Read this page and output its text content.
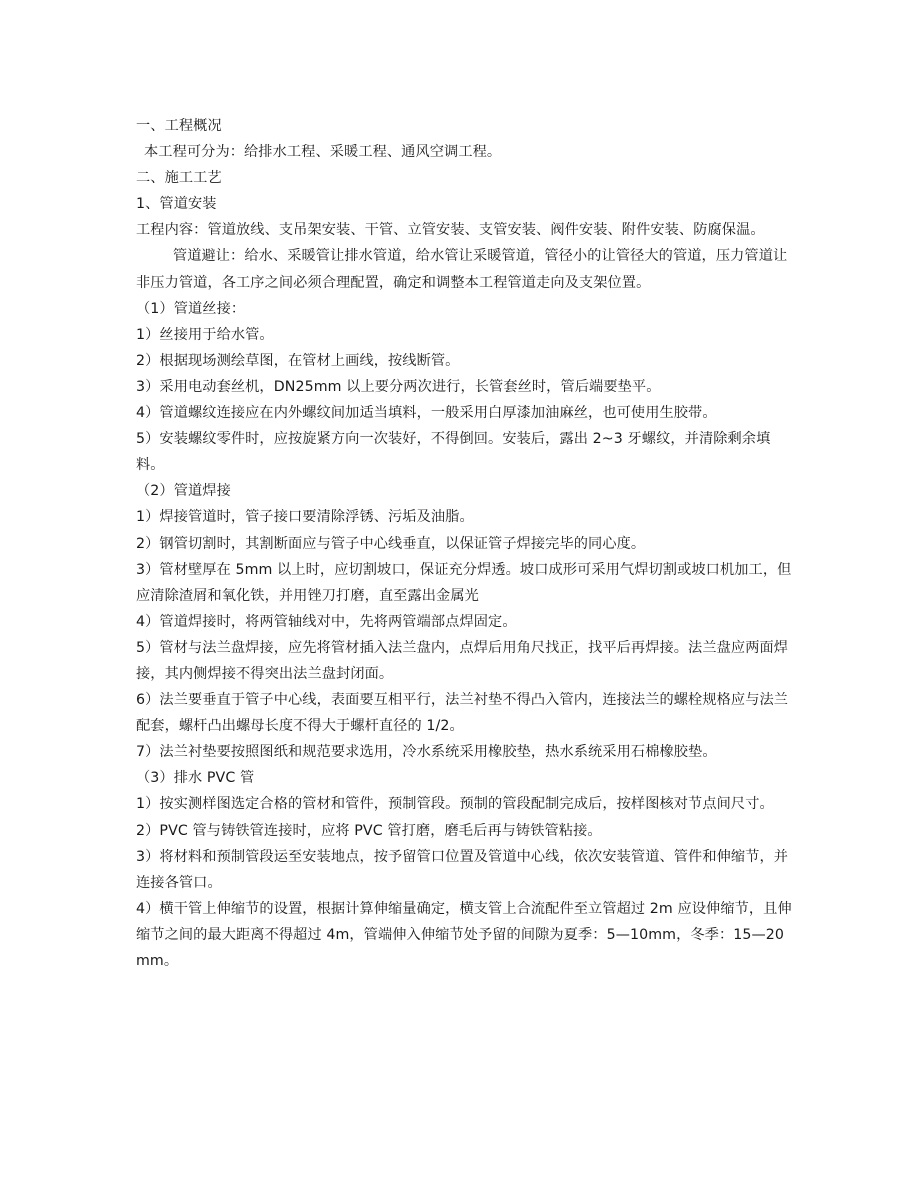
一、工程概况

本工程可分为：给排水工程、采暖工程、通风空调工程。

二、施工工艺

1、管道安装

工程内容：管道放线、支吊架安装、干管、立管安装、支管安装、阀件安装、附件安装、防腐保温。

管道避让：给水、采暖管让排水管道，给水管让采暖管道，管径小的让管径大的管道，压力管道让非压力管道，各工序之间必须合理配置，确定和调整本工程管道走向及支架位置。

（1）管道丝接：

1）丝接用于给水管。

2）根据现场测绘草图，在管材上画线，按线断管。

3）采用电动套丝机，DN25mm 以上要分两次进行，长管套丝时，管后端要垫平。

4）管道螺纹连接应在内外螺纹间加适当填料，一般采用白厚漆加油麻丝，也可使用生胶带。

5）安装螺纹零件时，应按旋紧方向一次装好，不得倒回。安装后，露出 2~3 牙螺纹，并清除剩余填料。

（2）管道焊接

1）焊接管道时，管子接口要清除浮锈、污垢及油脂。

2）钢管切割时，其割断面应与管子中心线垂直，以保证管子焊接完毕的同心度。

3）管材壁厚在 5mm 以上时，应切割坡口，保证充分焊透。坡口成形可采用气焊切割或坡口机加工，但应清除渣屑和氧化铁，并用锉刀打磨，直至露出金属光

4）管道焊接时，将两管轴线对中，先将两管端部点焊固定。

5）管材与法兰盘焊接，应先将管材插入法兰盘内，点焊后用角尺找正，找平后再焊接。法兰盘应两面焊接，其内侧焊接不得突出法兰盘封闭面。

6）法兰要垂直于管子中心线，表面要互相平行，法兰衬垫不得凸入管内，连接法兰的螺栓规格应与法兰配套，螺杆凸出螺母长度不得大于螺杆直径的 1/2。

7）法兰衬垫要按照图纸和规范要求选用，冷水系统采用橡胶垫，热水系统采用石棉橡胶垫。

（3）排水 PVC 管

1）按实测样图选定合格的管材和管件，预制管段。预制的管段配制完成后，按样图核对节点间尺寸。

2）PVC 管与铸铁管连接时，应将 PVC 管打磨，磨毛后再与铸铁管粘接。

3）将材料和预制管段运至安装地点，按予留管口位置及管道中心线，依次安装管道、管件和伸缩节，并连接各管口。

4）横干管上伸缩节的设置，根据计算伸缩量确定，横支管上合流配件至立管超过 2m 应设伸缩节，且伸缩节之间的最大距离不得超过 4m，管端伸入伸缩节处予留的间隙为夏季：5—10mm，冬季：15—20mm。
